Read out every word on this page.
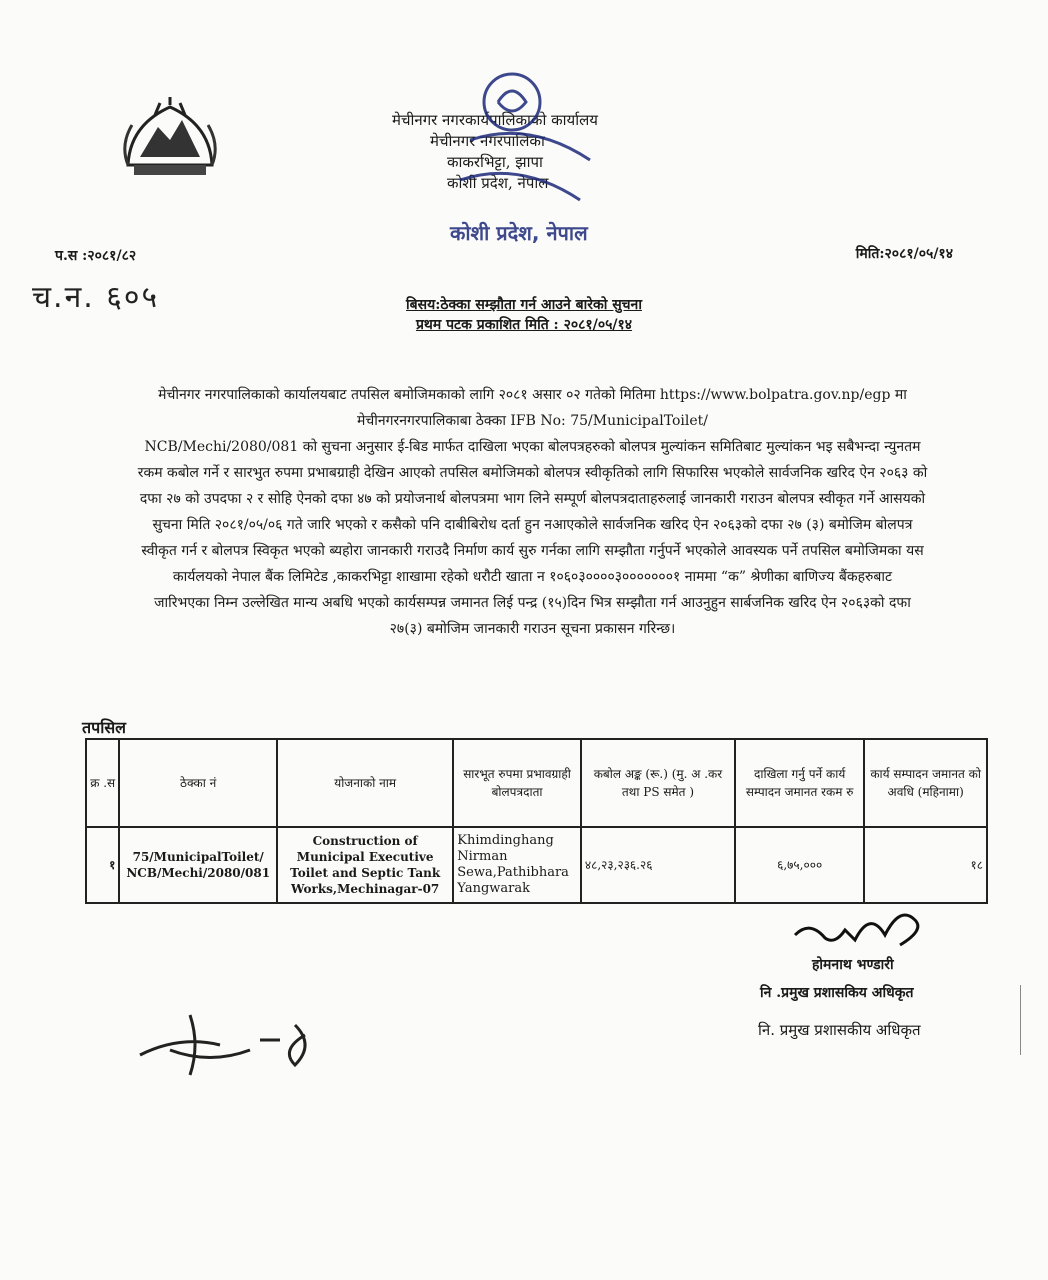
मेचीनगर नगरकार्यपालिकाको कार्यालय
मेचीनगर नगरपालिका
काकरभिट्टा, झापा
कोशी प्रदेश, नेपाल
कोशी प्रदेश, नेपाल
प.स :२०८१/८२
च.न. ६०५
मिति:२०८१/०५/१४
बिसय:ठेक्का सम्झौता गर्न आउने बारेको सुचना
प्रथम पटक प्रकाशित मिति : २०८१/०५/१४
मेचीनगर नगरपालिकाको कार्यालयबाट तपसिल बमोजिमकाको लागि २०८१ असार ०२ गतेको मितिमा https://www.bolpatra.gov.np/egp मा
मेचीनगरनगरपालिकाबा ठेक्का IFB No: 75/MunicipalToilet/
NCB/Mechi/2080/081 को सुचना अनुसार ई-बिड मार्फत दाखिला भएका बोलपत्रहरुको बोलपत्र मुल्यांकन समितिबाट मुल्यांकन भइ सबैभन्दा न्युनतम
रकम कबोल गर्ने र सारभुत रुपमा प्रभाबग्राही देखिन आएको तपसिल बमोजिमको बोलपत्र स्वीकृतिको लागि सिफारिस भएकोले सार्वजनिक खरिद ऐन २०६३ को
दफा २७ को उपदफा २ र सोहि ऐनको दफा ४७ को प्रयोजनार्थ बोलपत्रमा भाग लिने सम्पूर्ण बोलपत्रदाताहरुलाई जानकारी गराउन बोलपत्र स्वीकृत गर्ने आसयको
सुचना मिति २०८१/०५/०६ गते जारि भएको र कसैको पनि दाबीबिरोध दर्ता हुन नआएकोले सार्वजनिक खरिद ऐन २०६३को दफा २७ (३) बमोजिम बोलपत्र
स्वीकृत गर्न र बोलपत्र स्विकृत भएको ब्यहोरा जानकारी गराउदै निर्माण कार्य सुरु गर्नका लागि सम्झौता गर्नुपर्ने भएकोले आवस्यक पर्ने तपसिल बमोजिमका यस
कार्यलयको नेपाल बैंक लिमिटेड ,काकरभिट्टा शाखामा रहेको धरौटी खाता न १०६०३००००३०००००००१ नाममा “क” श्रेणीका बाणिज्य बैंकहरुबाट
जारिभएका निम्न उल्लेखित मान्य अबधि भएको कार्यसम्पन्न जमानत लिई पन्द्र (१५)दिन भित्र सम्झौता गर्न आउनुहुन सार्बजनिक खरिद ऐन २०६३को दफा
२७(३) बमोजिम जानकारी गराउन सूचना प्रकासन गरिन्छ।
तपसिल
क्र .स	ठेक्का नं	योजनाको नाम	सारभूत रुपमा प्रभावग्राही बोलपत्रदाता	कबोल अङ्क (रू.) (मु. अ .कर तथा PS समेत )	दाखिला गर्नु पर्ने कार्य सम्पादन जमानत रकम रु	कार्य सम्पादन जमानत को अवधि (महिनामा)
१	75/MunicipalToilet/ NCB/Mechi/2080/081	Construction of Municipal Executive Toilet and Septic Tank Works,Mechinagar-07	Khimdinghang Nirman Sewa,Pathibhara Yangwarak	४८,२३,२३६.२६	६,७५,०००	१८
होमनाथ भण्डारी
नि .प्रमुख प्रशासकिय अधिकृत
नि. प्रमुख प्रशासकीय अधिकृत
